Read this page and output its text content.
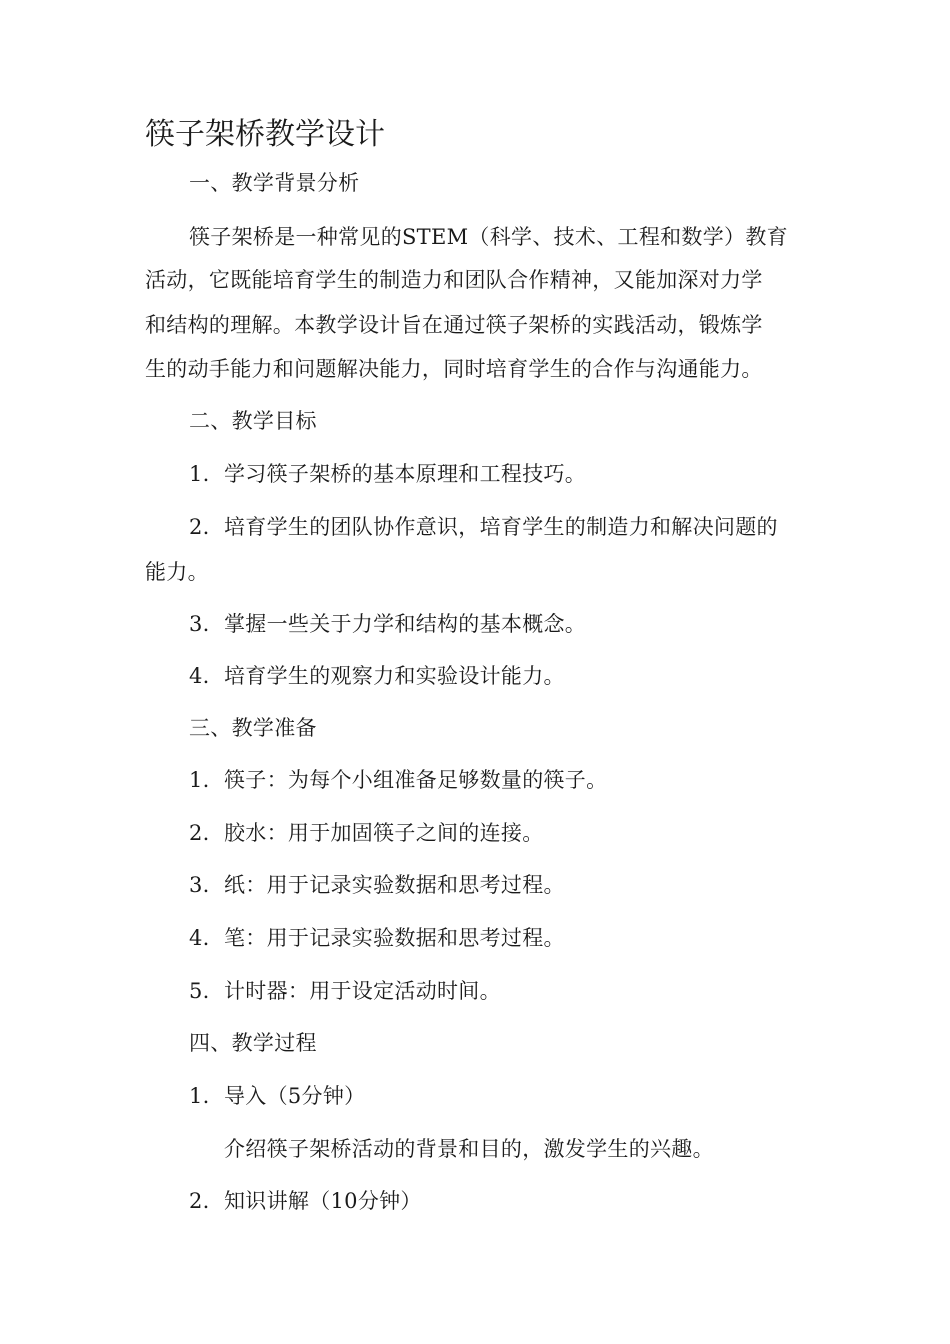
筷子架桥教学设计
一、教学背景分析
筷子架桥是一种常见的STEM（科学、技术、工程和数学）教育
活动，它既能培育学生的制造力和团队合作精神，又能加深对力学
和结构的理解。本教学设计旨在通过筷子架桥的实践活动，锻炼学
生的动手能力和问题解决能力，同时培育学生的合作与沟通能力。
二、教学目标
1. 学习筷子架桥的基本原理和工程技巧。
2. 培育学生的团队协作意识，培育学生的制造力和解决问题的
能力。
3. 掌握一些关于力学和结构的基本概念。
4. 培育学生的观察力和实验设计能力。
三、教学准备
1. 筷子：为每个小组准备足够数量的筷子。
2. 胶水：用于加固筷子之间的连接。
3. 纸：用于记录实验数据和思考过程。
4. 笔：用于记录实验数据和思考过程。
5. 计时器：用于设定活动时间。
四、教学过程
1. 导入（5分钟）
介绍筷子架桥活动的背景和目的，激发学生的兴趣。
2. 知识讲解（10分钟）
